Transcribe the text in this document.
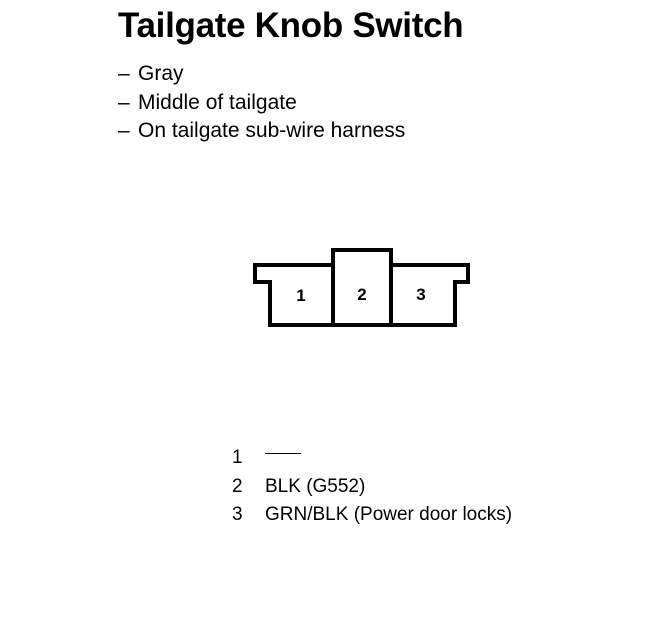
Tailgate Knob Switch
– Gray
– Middle of tailgate
– On tailgate sub-wire harness
1	2	3
1
2 BLK (G552)
3 GRN/BLK (Power door locks)
